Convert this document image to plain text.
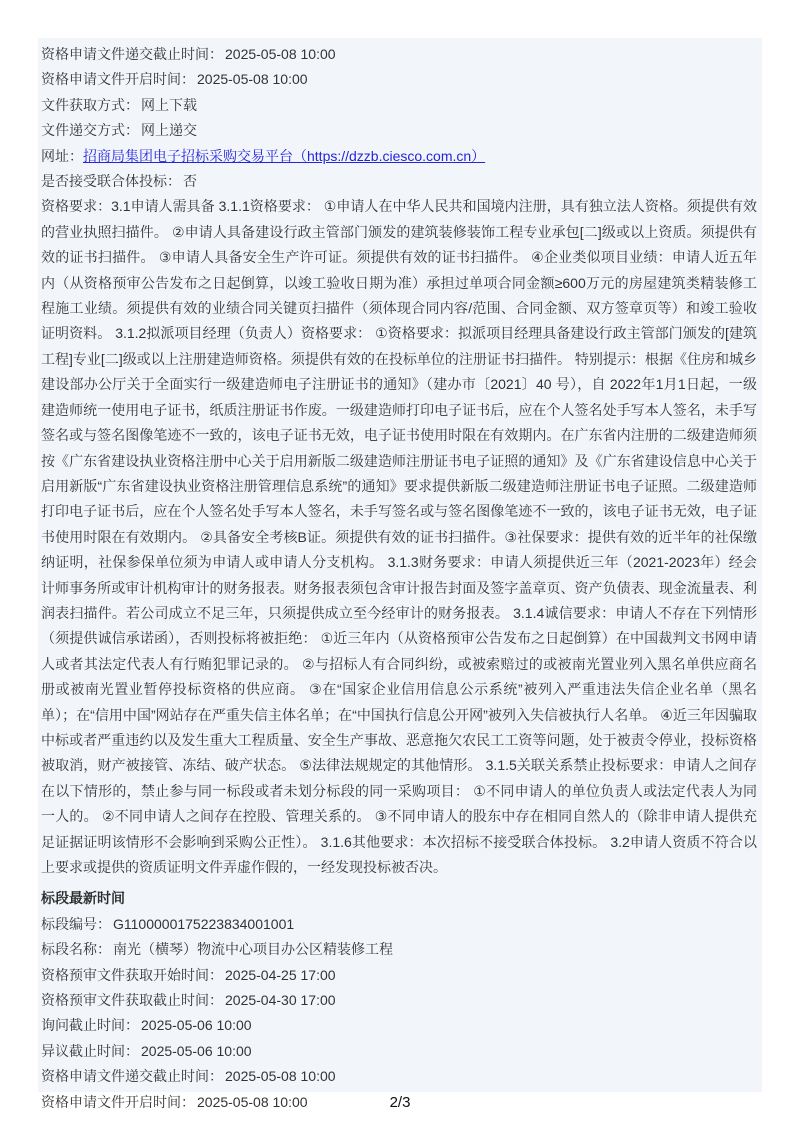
资格申请文件递交截止时间： 2025-05-08 10:00
资格申请文件开启时间： 2025-05-08 10:00
文件获取方式： 网上下载
文件递交方式： 网上递交
网址：招商局集团电子招标采购交易平台（https://dzzb.ciesco.com.cn）
是否接受联合体投标： 否

资格要求：3.1申请人需具备 3.1.1资格要求： ①申请人在中华人民共和国境内注册，具有独立法人资格。须提供有效的营业执照扫描件。 ②申请人具备建设行政主管部门颁发的建筑装修装饰工程专业承包[二]级或以上资质。须提供有效的证书扫描件。 ③申请人具备安全生产许可证。须提供有效的证书扫描件。 ④企业类似项目业绩：申请人近五年内（从资格预审公告发布之日起倒算，以竣工验收日期为准）承担过单项合同金额≥600万元的房屋建筑类精装修工程施工业绩。须提供有效的业绩合同关键页扫描件（须体现合同内容/范围、合同金额、双方签章页等）和竣工验收证明资料。 3.1.2拟派项目经理（负责人）资格要求： ①资格要求：拟派项目经理具备建设行政主管部门颁发的[建筑工程]专业[二]级或以上注册建造师资格。须提供有效的在投标单位的注册证书扫描件。 特别提示：根据《住房和城乡建设部办公厅关于全面实行一级建造师电子注册证书的通知》（建办市〔2021〕40 号），自 2022年1月1日起，一级建造师统一使用电子证书，纸质注册证书作废。一级建造师打印电子证书后，应在个人签名处手写本人签名，未手写签名或与签名图像笔迹不一致的，该电子证书无效，电子证书使用时限在有效期内。在广东省内注册的二级建造师须按《广东省建设执业资格注册中心关于启用新版二级建造师注册证书电子证照的通知》及《广东省建设信息中心关于启用新版“广东省建设执业资格注册管理信息系统”的通知》要求提供新版二级建造师注册证书电子证照。二级建造师打印电子证书后，应在个人签名处手写本人签名，未手写签名或与签名图像笔迹不一致的，该电子证书无效，电子证书使用时限在有效期内。 ②具备安全考核B证。须提供有效的证书扫描件。③社保要求：提供有效的近半年的社保缴纳证明，社保参保单位须为申请人或申请人分支机构。 3.1.3财务要求：申请人须提供近三年（2021-2023年）经会计师事务所或审计机构审计的财务报表。财务报表须包含审计报告封面及签字盖章页、资产负债表、现金流量表、利润表扫描件。若公司成立不足三年，只须提供成立至今经审计的财务报表。 3.1.4诚信要求：申请人不存在下列情形（须提供诚信承诺函），否则投标将被拒绝： ①近三年内（从资格预审公告发布之日起倒算）在中国裁判文书网申请人或者其法定代表人有行贿犯罪记录的。 ②与招标人有合同纠纷，或被索赔过的或被南光置业列入黑名单供应商名册或被南光置业暂停投标资格的供应商。 ③在“国家企业信用信息公示系统”被列入严重违法失信企业名单（黑名单）；在“信用中国”网站存在严重失信主体名单；在“中国执行信息公开网”被列入失信被执行人名单。 ④近三年因骗取中标或者严重违约以及发生重大工程质量、安全生产事故、恶意拖欠农民工工资等问题，处于被责令停业，投标资格被取消，财产被接管、冻结、破产状态。 ⑤法律法规规定的其他情形。 3.1.5关联关系禁止投标要求：申请人之间存在以下情形的，禁止参与同一标段或者未划分标段的同一采购项目： ①不同申请人的单位负责人或法定代表人为同一人的。 ②不同申请人之间存在控股、管理关系的。 ③不同申请人的股东中存在相同自然人的（除非申请人提供充足证据证明该情形不会影响到采购公正性）。 3.1.6其他要求：本次招标不接受联合体投标。 3.2申请人资质不符合以上要求或提供的资质证明文件弄虚作假的，一经发现投标被否决。

标段最新时间
标段编号： G1100000175223834001001
标段名称： 南光（横琴）物流中心项目办公区精装修工程
资格预审文件获取开始时间： 2025-04-25 17:00
资格预审文件获取截止时间： 2025-04-30 17:00
询问截止时间： 2025-05-06 10:00
异议截止时间： 2025-05-06 10:00
资格申请文件递交截止时间： 2025-05-08 10:00
资格申请文件开启时间： 2025-05-08 10:00	2/3
